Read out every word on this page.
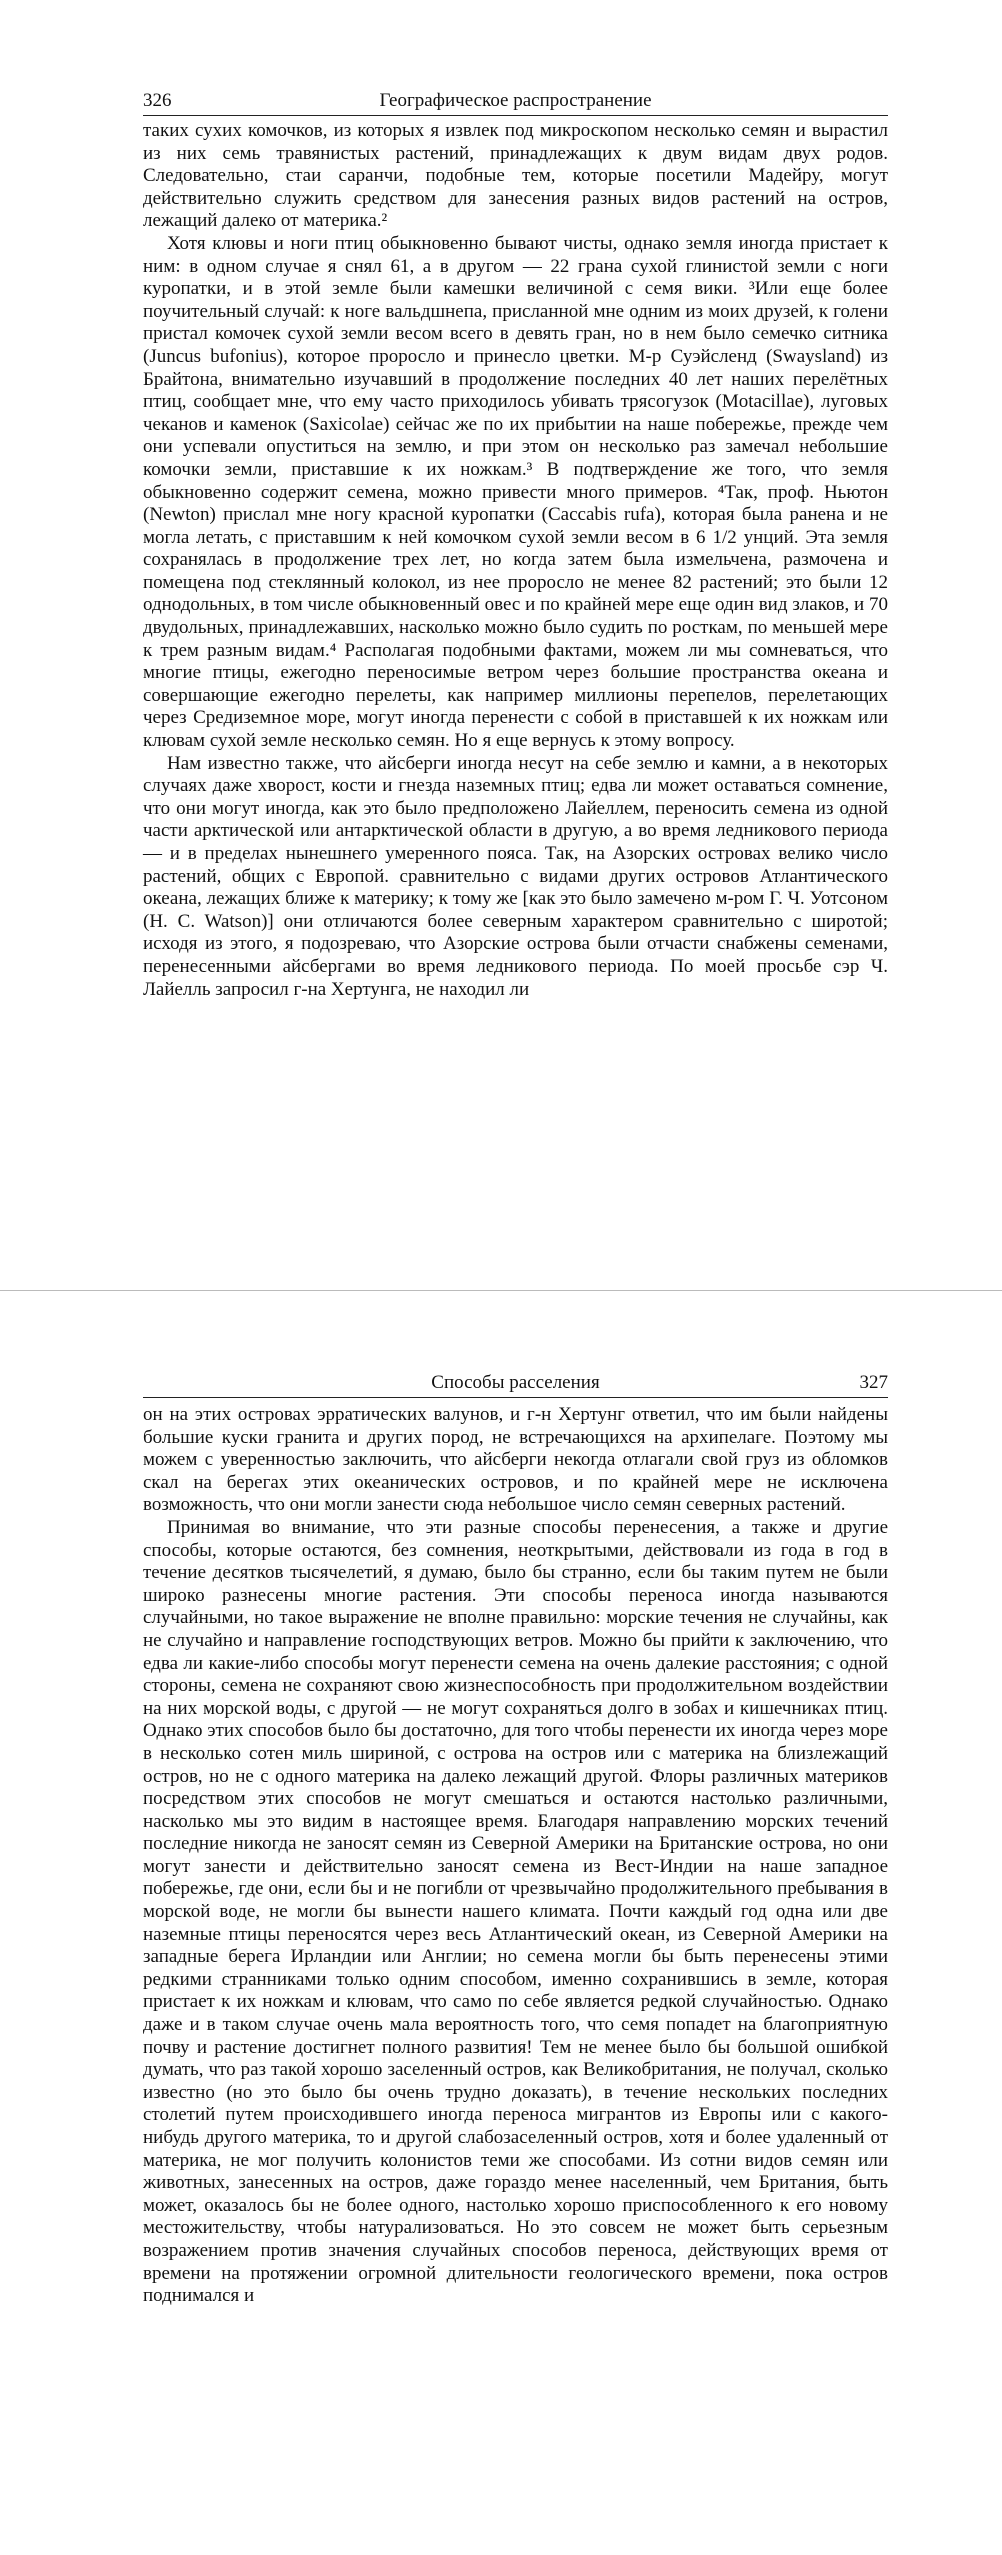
326	Географическое распространение

таких сухих комочков, из которых я извлек под микроскопом несколько семян и вырастил из них семь травянистых растений, принадлежащих к двум видам двух родов. Следовательно, стаи саранчи, подобные тем, которые посетили Мадейру, могут действительно служить средством для занесения разных видов растений на остров, лежащий далеко от материка.²

Хотя клювы и ноги птиц обыкновенно бывают чисты, однако земля иногда пристает к ним: в одном случае я снял 61, а в другом — 22 грана сухой глинистой земли с ноги куропатки, и в этой земле были камешки величиной с семя вики. ³Или еще более поучительный случай: к ноге вальдшнепа, присланной мне одним из моих друзей, к голени пристал комочек сухой земли весом всего в девять гран, но в нем было семечко ситника (Juncus bufonius), которое проросло и принесло цветки. М-р Суэйсленд (Swaysland) из Брайтона, внимательно изучавший в продолжение последних 40 лет наших перелётных птиц, сообщает мне, что ему часто приходилось убивать трясогузок (Motacillae), луговых чеканов и каменок (Saxicolae) сейчас же по их прибытии на наше побережье, прежде чем они успевали опуститься на землю, и при этом он несколько раз замечал небольшие комочки земли, приставшие к их ножкам.³ В подтверждение же того, что земля обыкновенно содержит семена, можно привести много примеров. ⁴Так, проф. Ньютон (Newton) прислал мне ногу красной куропатки (Caccabis rufa), которая была ранена и не могла летать, с приставшим к ней комочком сухой земли весом в 6 1/2 унций. Эта земля сохранялась в продолжение трех лет, но когда затем была измельчена, размочена и помещена под стеклянный колокол, из нее проросло не менее 82 растений; это были 12 однодольных, в том числе обыкновенный овес и по крайней мере еще один вид злаков, и 70 двудольных, принадлежавших, насколько можно было судить по росткам, по меньшей мере к трем разным видам.⁴ Располагая подобными фактами, можем ли мы сомневаться, что многие птицы, ежегодно переносимые ветром через большие пространства океана и совершающие ежегодно перелеты, как например миллионы перепелов, перелетающих через Средиземное море, могут иногда перенести с собой в приставшей к их ножкам или клювам сухой земле несколько семян. Но я еще вернусь к этому вопросу.

Нам известно также, что айсберги иногда несут на себе землю и камни, а в некоторых случаях даже хворост, кости и гнезда наземных птиц; едва ли может оставаться сомнение, что они могут иногда, как это было предположено Лайеллем, переносить семена из одной части арктической или антарктической области в другую, а во время ледникового периода — и в пределах нынешнего умеренного пояса. Так, на Азорских островах велико число растений, общих с Европой. сравнительно с видами других островов Атлантического океана, лежащих ближе к материку; к тому же [как это было замечено м-ром Г. Ч. Уотсоном (H. C. Watson)] они отличаются более северным характером сравнительно с широтой; исходя из этого, я подозреваю, что Азорские острова были отчасти снабжены семенами, перенесенными айсбергами во время ледникового периода. По моей просьбе сэр Ч. Лайелль запросил г-на Хертунга, не находил ли

Способы расселения	327

он на этих островах эрратических валунов, и г-н Хертунг ответил, что им были найдены большие куски гранита и других пород, не встречающихся на архипелаге. Поэтому мы можем с уверенностью заключить, что айсберги некогда отлагали свой груз из обломков скал на берегах этих океанических островов, и по крайней мере не исключена возможность, что они могли занести сюда небольшое число семян северных растений.

Принимая во внимание, что эти разные способы перенесения, а также и другие способы, которые остаются, без сомнения, неоткрытыми, действовали из года в год в течение десятков тысячелетий, я думаю, было бы странно, если бы таким путем не были широко разнесены многие растения. Эти способы переноса иногда называются случайными, но такое выражение не вполне правильно: морские течения не случайны, как не случайно и направление господствующих ветров. Можно бы прийти к заключению, что едва ли какие-либо способы могут перенести семена на очень далекие расстояния; с одной стороны, семена не сохраняют свою жизнеспособность при продолжительном воздействии на них морской воды, с другой — не могут сохраняться долго в зобах и кишечниках птиц. Однако этих способов было бы достаточно, для того чтобы перенести их иногда через море в несколько сотен миль шириной, с острова на остров или с материка на близлежащий остров, но не с одного материка на далеко лежащий другой. Флоры различных материков посредством этих способов не могут смешаться и остаются настолько различными, насколько мы это видим в настоящее время. Благодаря направлению морских течений последние никогда не заносят семян из Северной Америки на Британские острова, но они могут занести и действительно заносят семена из Вест-Индии на наше западное побережье, где они, если бы и не погибли от чрезвычайно продолжительного пребывания в морской воде, не могли бы вынести нашего климата. Почти каждый год одна или две наземные птицы переносятся через весь Атлантический океан, из Северной Америки на западные берега Ирландии или Англии; но семена могли бы быть перенесены этими редкими странниками только одним способом, именно сохранившись в земле, которая пристает к их ножкам и клювам, что само по себе является редкой случайностью. Однако даже и в таком случае очень мала вероятность того, что семя попадет на благоприятную почву и растение достигнет полного развития! Тем не менее было бы большой ошибкой думать, что раз такой хорошо заселенный остров, как Великобритания, не получал, сколько известно (но это было бы очень трудно доказать), в течение нескольких последних столетий путем происходившего иногда переноса мигрантов из Европы или с какого-нибудь другого материка, то и другой слабозаселенный остров, хотя и более удаленный от материка, не мог получить колонистов теми же способами. Из сотни видов семян или животных, занесенных на остров, даже гораздо менее населенный, чем Британия, быть может, оказалось бы не более одного, настолько хорошо приспособленного к его новому местожительству, чтобы натурализоваться. Но это совсем не может быть серьезным возражением против значения случайных способов переноса, действующих время от времени на протяжении огромной длительности геологического времени, пока остров поднимался и
